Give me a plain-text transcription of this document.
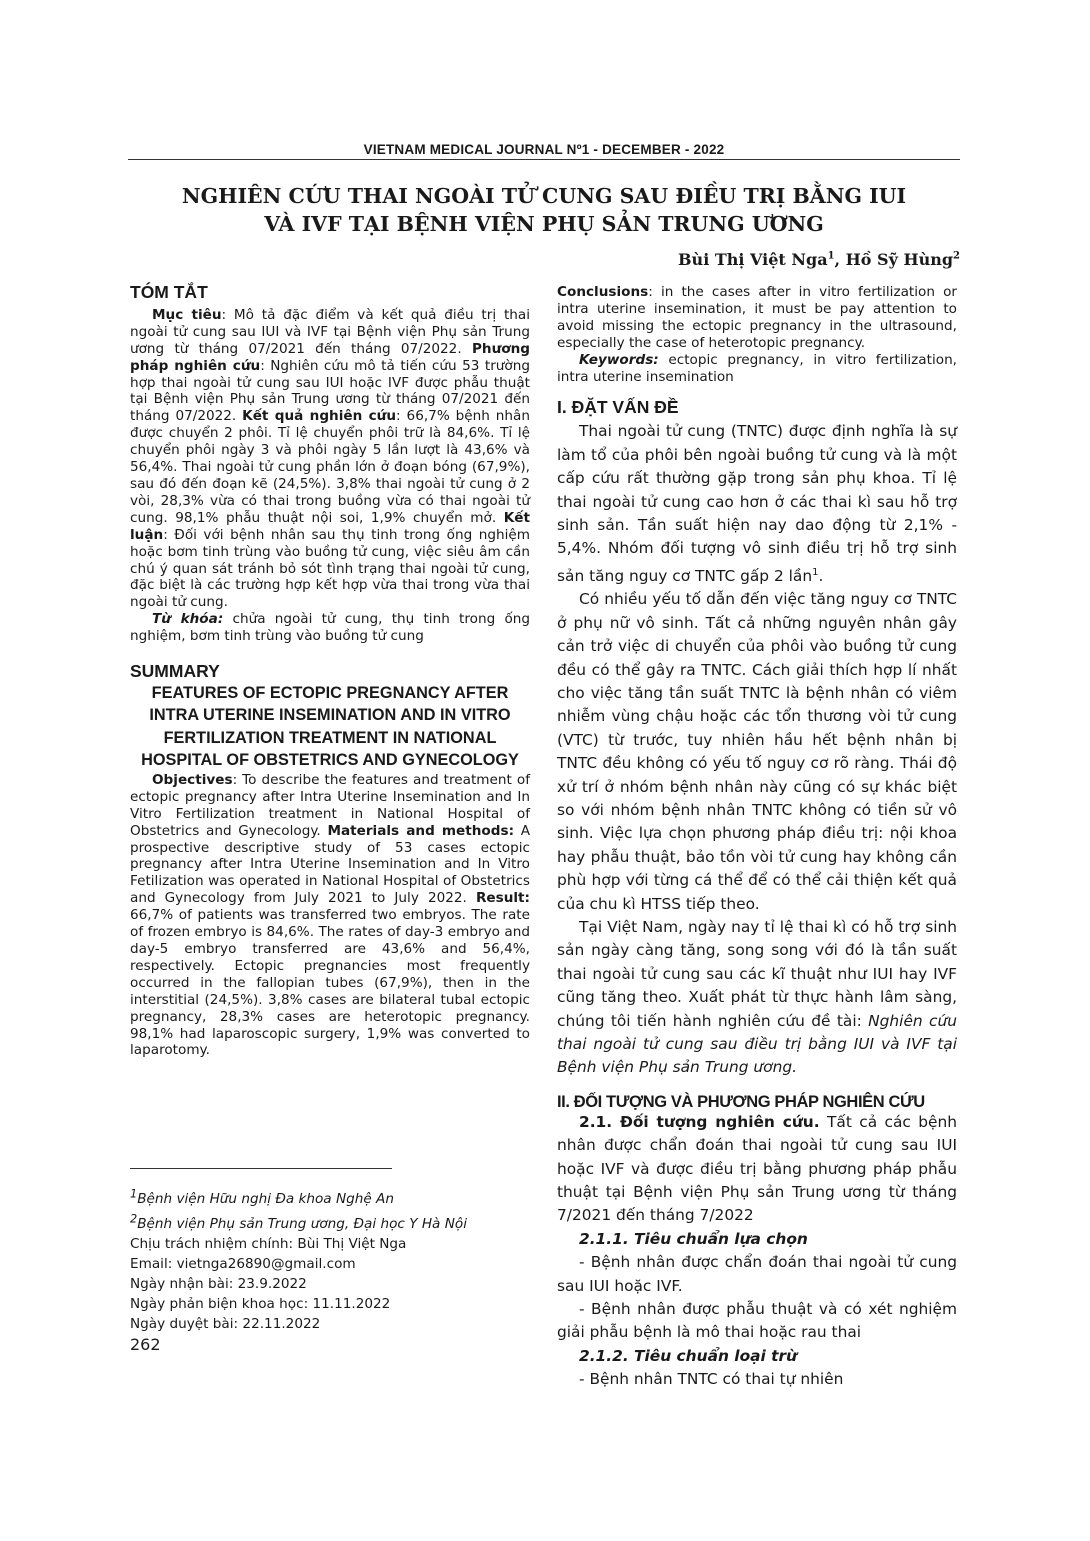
VIETNAM MEDICAL JOURNAL Nº1 - DECEMBER - 2022
NGHIÊN CỨU THAI NGOÀI TỬ CUNG SAU ĐIỀU TRỊ BẰNG IUI
VÀ IVF TẠI BỆNH VIỆN PHỤ SẢN TRUNG ƯƠNG
Bùi Thị Việt Nga$^1$, Hồ Sỹ Hùng$^2$

TÓM TẮT

Mục tiêu: Mô tả đặc điểm và kết quả điều trị thai ngoài tử cung sau IUI và IVF tại Bệnh viện Phụ sản Trung ương từ tháng 07/2021 đến tháng 07/2022. Phương pháp nghiên cứu: Nghiên cứu mô tả tiến cứu 53 trường hợp thai ngoài tử cung sau IUI hoặc IVF được phẫu thuật tại Bệnh viện Phụ sản Trung ương từ tháng 07/2021 đến tháng 07/2022. Kết quả nghiên cứu: 66,7% bệnh nhân được chuyển 2 phôi. Tỉ lệ chuyển phôi trữ là 84,6%. Tỉ lệ chuyển phôi ngày 3 và phôi ngày 5 lần lượt là 43,6% và 56,4%. Thai ngoài tử cung phần lớn ở đoạn bóng (67,9%), sau đó đến đoạn kẽ (24,5%). 3,8% thai ngoài tử cung ở 2 vòi, 28,3% vừa có thai trong buồng vừa có thai ngoài tử cung. 98,1% phẫu thuật nội soi, 1,9% chuyển mở. Kết luận: Đối với bệnh nhân sau thụ tinh trong ống nghiệm hoặc bơm tinh trùng vào buồng tử cung, việc siêu âm cần chú ý quan sát tránh bỏ sót tình trạng thai ngoài tử cung, đặc biệt là các trường hợp kết hợp vừa thai trong vừa thai ngoài tử cung.

Từ khóa: chửa ngoài tử cung, thụ tinh trong ống nghiệm, bơm tinh trùng vào buồng tử cung

SUMMARY

FEATURES OF ECTOPIC PREGNANCY AFTER INTRA UTERINE INSEMINATION AND IN VITRO FERTILIZATION TREATMENT IN NATIONAL HOSPITAL OF OBSTETRICS AND GYNECOLOGY

Objectives: To describe the features and treatment of ectopic pregnancy after Intra Uterine Insemination and In Vitro Fertilization treatment in National Hospital of Obstetrics and Gynecology. Materials and methods: A prospective descriptive study of 53 cases ectopic pregnancy after Intra Uterine Insemination and In Vitro Fetilization was operated in National Hospital of Obstetrics and Gynecology from July 2021 to July 2022. Result: 66,7% of patients was transferred two embryos. The rate of frozen embryo is 84,6%. The rates of day-3 embryo and day-5 embryo transferred are 43,6% and 56,4%, respectively. Ectopic pregnancies most frequently occurred in the fallopian tubes (67,9%), then in the interstitial (24,5%). 3,8% cases are bilateral tubal ectopic pregnancy, 28,3% cases are heterotopic pregnancy. 98,1% had laparoscopic surgery, 1,9% was converted to laparotomy.

$^1$Bệnh viện Hữu nghị Đa khoa Nghệ An
$^2$Bệnh viện Phụ sản Trung ương, Đại học Y Hà Nội
Chịu trách nhiệm chính: Bùi Thị Việt Nga
Email: vietnga26890@gmail.com
Ngày nhận bài: 23.9.2022
Ngày phản biện khoa học: 11.11.2022
Ngày duyệt bài: 22.11.2022
262

Conclusions: in the cases after in vitro fertilization or intra uterine insemination, it must be pay attention to avoid missing the ectopic pregnancy in the ultrasound, especially the case of heterotopic pregnancy.

Keywords: ectopic pregnancy, in vitro fertilization, intra uterine insemination

I. ĐẶT VẤN ĐỀ

Thai ngoài tử cung (TNTC) được định nghĩa là sự làm tổ của phôi bên ngoài buồng tử cung và là một cấp cứu rất thường gặp trong sản phụ khoa. Tỉ lệ thai ngoài tử cung cao hơn ở các thai kì sau hỗ trợ sinh sản. Tần suất hiện nay dao động từ 2,1% - 5,4%. Nhóm đối tượng vô sinh điều trị hỗ trợ sinh sản tăng nguy cơ TNTC gấp 2 lần$^1$.

Có nhiều yếu tố dẫn đến việc tăng nguy cơ TNTC ở phụ nữ vô sinh. Tất cả những nguyên nhân gây cản trở việc di chuyển của phôi vào buồng tử cung đều có thể gây ra TNTC. Cách giải thích hợp lí nhất cho việc tăng tần suất TNTC là bệnh nhân có viêm nhiễm vùng chậu hoặc các tổn thương vòi tử cung (VTC) từ trước, tuy nhiên hầu hết bệnh nhân bị TNTC đều không có yếu tố nguy cơ rõ ràng. Thái độ xử trí ở nhóm bệnh nhân này cũng có sự khác biệt so với nhóm bệnh nhân TNTC không có tiền sử vô sinh. Việc lựa chọn phương pháp điều trị: nội khoa hay phẫu thuật, bảo tồn vòi tử cung hay không cần phù hợp với từng cá thể để có thể cải thiện kết quả của chu kì HTSS tiếp theo.

Tại Việt Nam, ngày nay tỉ lệ thai kì có hỗ trợ sinh sản ngày càng tăng, song song với đó là tần suất thai ngoài tử cung sau các kĩ thuật như IUI hay IVF cũng tăng theo. Xuất phát từ thực hành lâm sàng, chúng tôi tiến hành nghiên cứu đề tài: Nghiên cứu thai ngoài tử cung sau điều trị bằng IUI và IVF tại Bệnh viện Phụ sản Trung ương.

II. ĐỐI TƯỢNG VÀ PHƯƠNG PHÁP NGHIÊN CỨU

2.1. Đối tượng nghiên cứu. Tất cả các bệnh nhân được chẩn đoán thai ngoài tử cung sau IUI hoặc IVF và được điều trị bằng phương pháp phẫu thuật tại Bệnh viện Phụ sản Trung ương từ tháng 7/2021 đến tháng 7/2022

2.1.1. Tiêu chuẩn lựa chọn

- Bệnh nhân được chẩn đoán thai ngoài tử cung sau IUI hoặc IVF.

- Bệnh nhân được phẫu thuật và có xét nghiệm giải phẫu bệnh là mô thai hoặc rau thai

2.1.2. Tiêu chuẩn loại trừ

- Bệnh nhân TNTC có thai tự nhiên
